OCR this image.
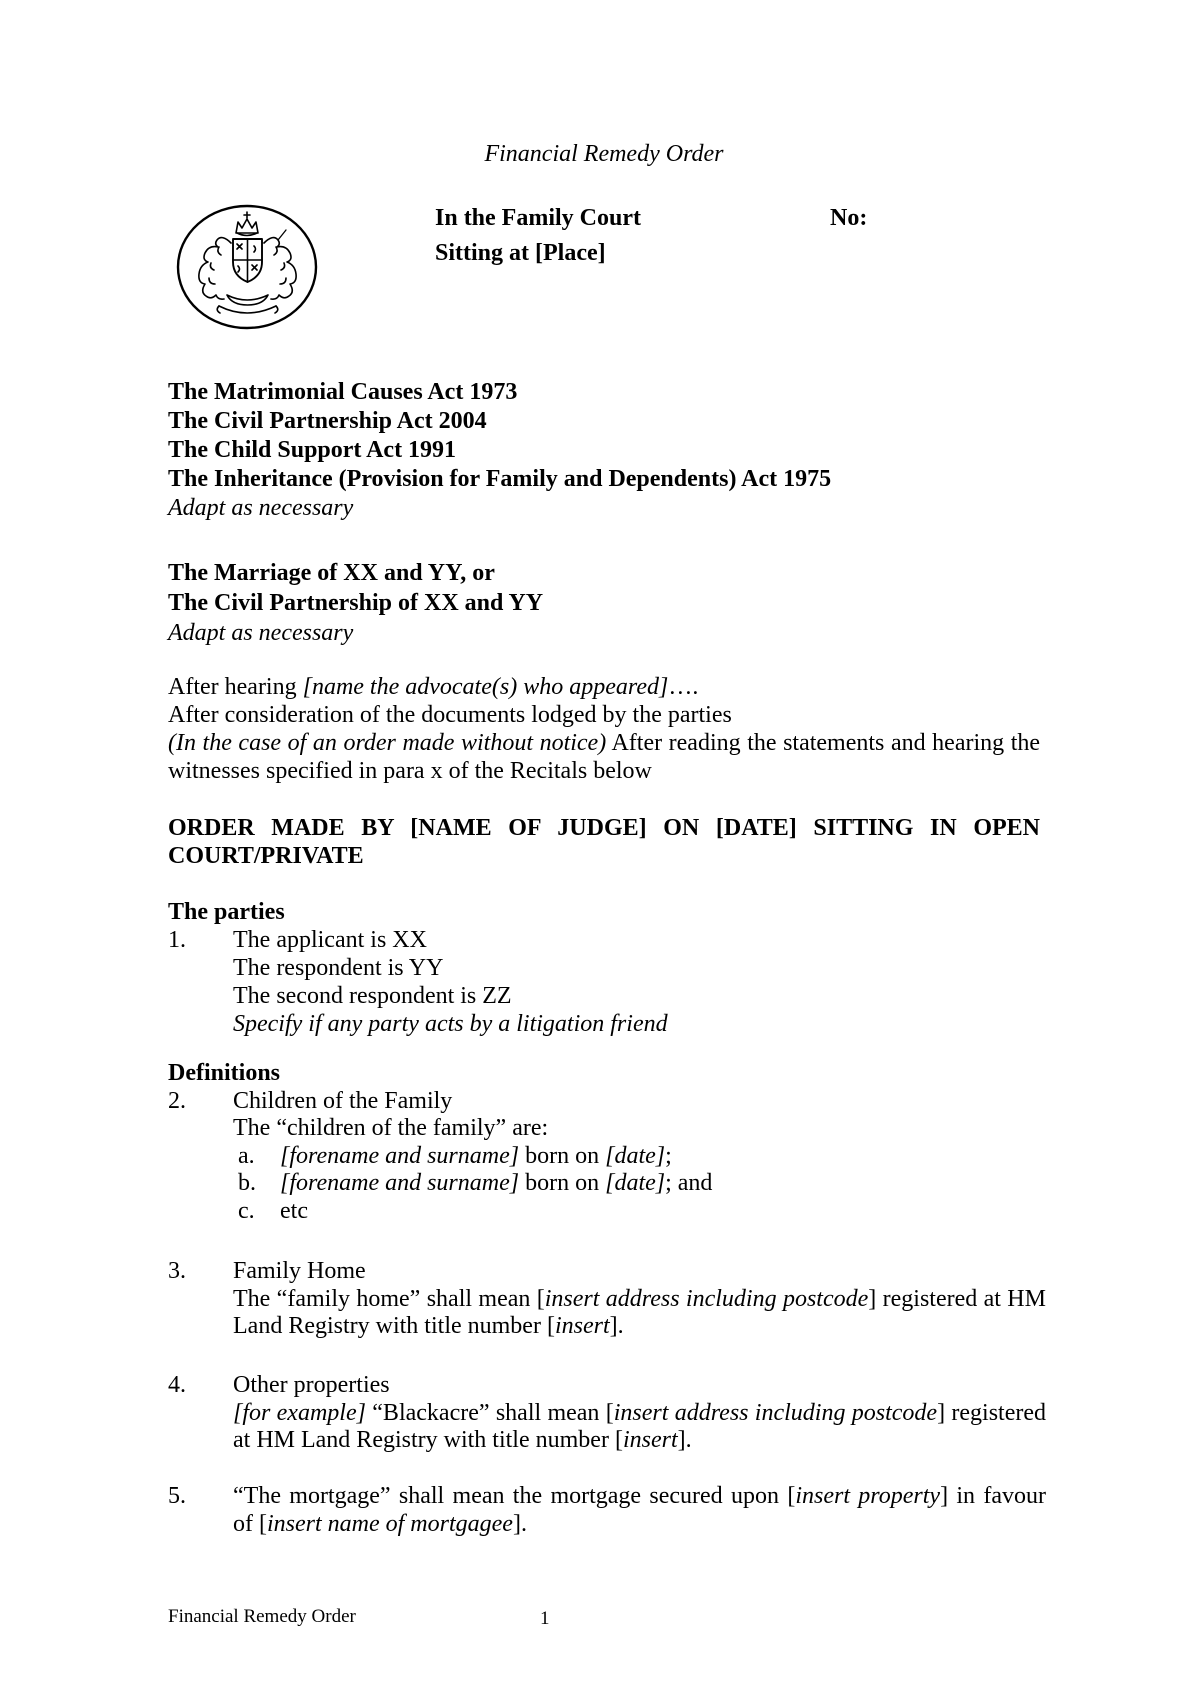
Financial Remedy Order
In the Family Court
Sitting at [Place]
No:
The Matrimonial Causes Act 1973
The Civil Partnership Act 2004
The Child Support Act 1991
The Inheritance (Provision for Family and Dependents) Act 1975
Adapt as necessary
The Marriage of XX and YY, or
The Civil Partnership of XX and YY
Adapt as necessary
After hearing [name the advocate(s) who appeared]….
After consideration of the documents lodged by the parties
(In the case of an order made without notice) After reading the statements and hearing the witnesses specified in para x of the Recitals below
ORDER MADE BY [NAME OF JUDGE] ON [DATE] SITTING IN OPEN COURT/PRIVATE
The parties
1. The applicant is XX
The respondent is YY
The second respondent is ZZ
Specify if any party acts by a litigation friend
Definitions
2. Children of the Family
The “children of the family” are:
a. [forename and surname] born on [date];
b. [forename and surname] born on [date]; and
c. etc
3. Family Home
The “family home” shall mean [insert address including postcode] registered at HM Land Registry with title number [insert].
4. Other properties
[for example] “Blackacre” shall mean [insert address including postcode] registered at HM Land Registry with title number [insert].
5. “The mortgage” shall mean the mortgage secured upon [insert property] in favour of [insert name of mortgagee].
Financial Remedy Order	1
